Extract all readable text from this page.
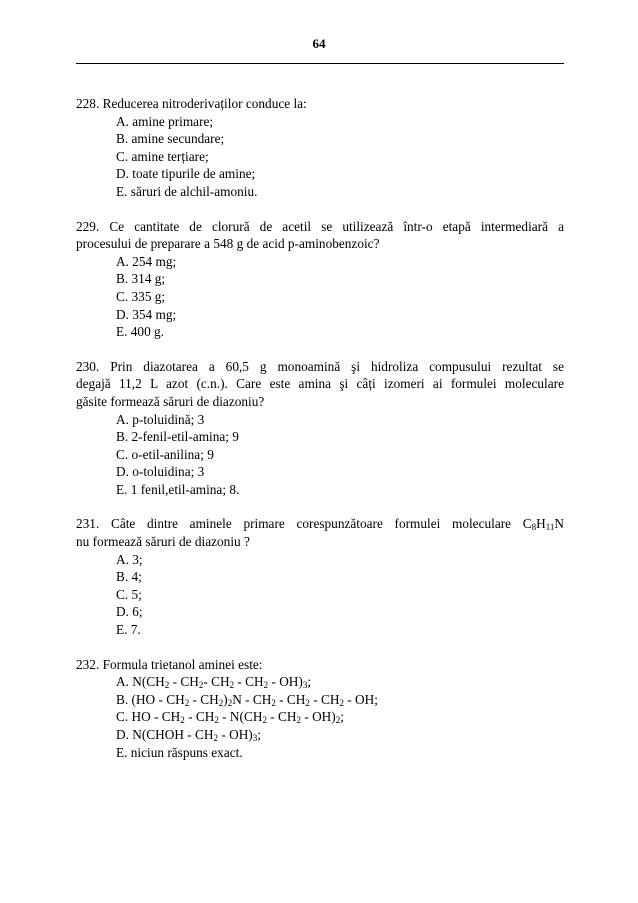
64
228. Reducerea nitroderivaților conduce la:
A. amine primare;
B. amine secundare;
C. amine terțiare;
D. toate tipurile de amine;
E. săruri de alchil-amoniu.
229. Ce cantitate de clorură de acetil se utilizează într-o etapă intermediară a
procesului de preparare a 548 g de acid p-aminobenzoic?
A. 254 mg;
B. 314 g;
C. 335 g;
D. 354 mg;
E. 400 g.
230. Prin diazotarea a 60,5 g monoamină şi hidroliza compusului rezultat se
degajă 11,2 L azot (c.n.). Care este amina şi câți izomeri ai formulei moleculare
găsite formează săruri de diazoniu?
A. p-toluidină; 3
B. 2-fenil-etil-amina; 9
C. o-etil-anilina; 9
D. o-toluidina; 3
E. 1 fenil,etil-amina; 8.
231. Câte dintre aminele primare corespunzătoare formulei moleculare $C_8H_{11}N$
nu formează săruri de diazoniu ?
A. 3;
B. 4;
C. 5;
D. 6;
E. 7.
232. Formula trietanol aminei este:
A. $N(CH_2 - CH_2-$ $CH_2 - CH_2 - OH)_3$;
B. $(HO - CH_2 - CH_2)_2N - CH_2 - CH_2 - CH_2$ - OH;
C. HO - $CH_2 - CH_2 - N(CH_2 - CH_2 - OH)_2$;
D. N(CHOH - $CH_2 - OH)_3$;
E. niciun răspuns exact.
